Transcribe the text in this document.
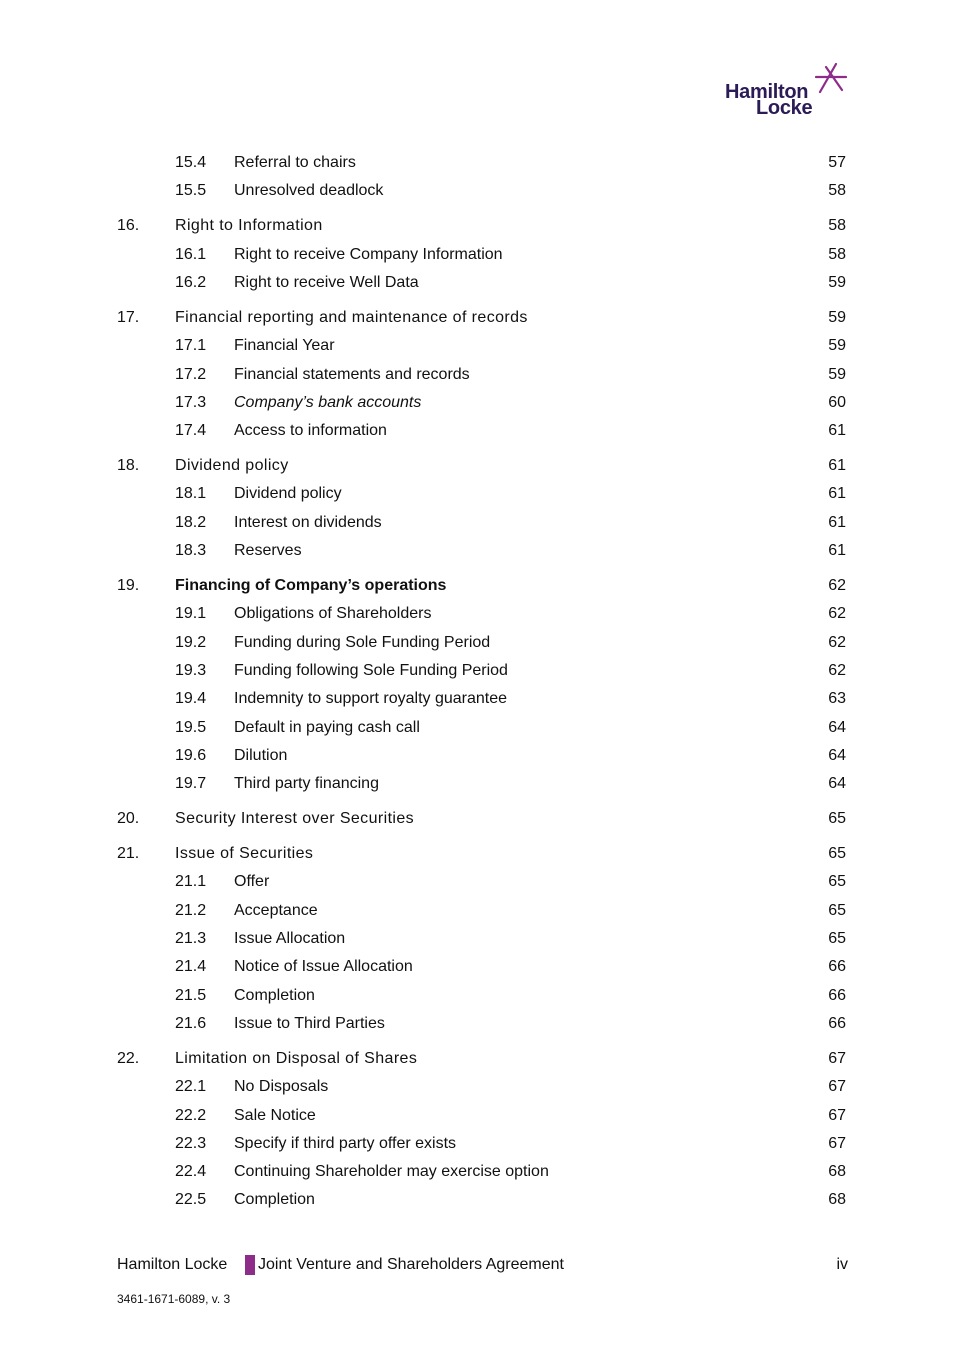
Hamilton
Locke
15.4 Referral to chairs	57
15.5 Unresolved deadlock	58
16. Right to Information	58
16.1 Right to receive Company Information	58
16.2 Right to receive Well Data	59
17. Financial reporting and maintenance of records	59
17.1 Financial Year	59
17.2 Financial statements and records	59
17.3 Company’s bank accounts	60
17.4 Access to information	61
18. Dividend policy	61
18.1 Dividend policy	61
18.2 Interest on dividends	61
18.3 Reserves	61
19. Financing of Company’s operations	62
19.1 Obligations of Shareholders	62
19.2 Funding during Sole Funding Period	62
19.3 Funding following Sole Funding Period	62
19.4 Indemnity to support royalty guarantee	63
19.5 Default in paying cash call	64
19.6 Dilution	64
19.7 Third party financing	64
20. Security Interest over Securities	65
21. Issue of Securities	65
21.1 Offer	65
21.2 Acceptance	65
21.3 Issue Allocation	65
21.4 Notice of Issue Allocation	66
21.5 Completion	66
21.6 Issue to Third Parties	66
22. Limitation on Disposal of Shares	67
22.1 No Disposals	67
22.2 Sale Notice	67
22.3 Specify if third party offer exists	67
22.4 Continuing Shareholder may exercise option	68
22.5 Completion	68
Hamilton Locke Joint Venture and Shareholders Agreement	iv
3461-1671-6089, v. 3
